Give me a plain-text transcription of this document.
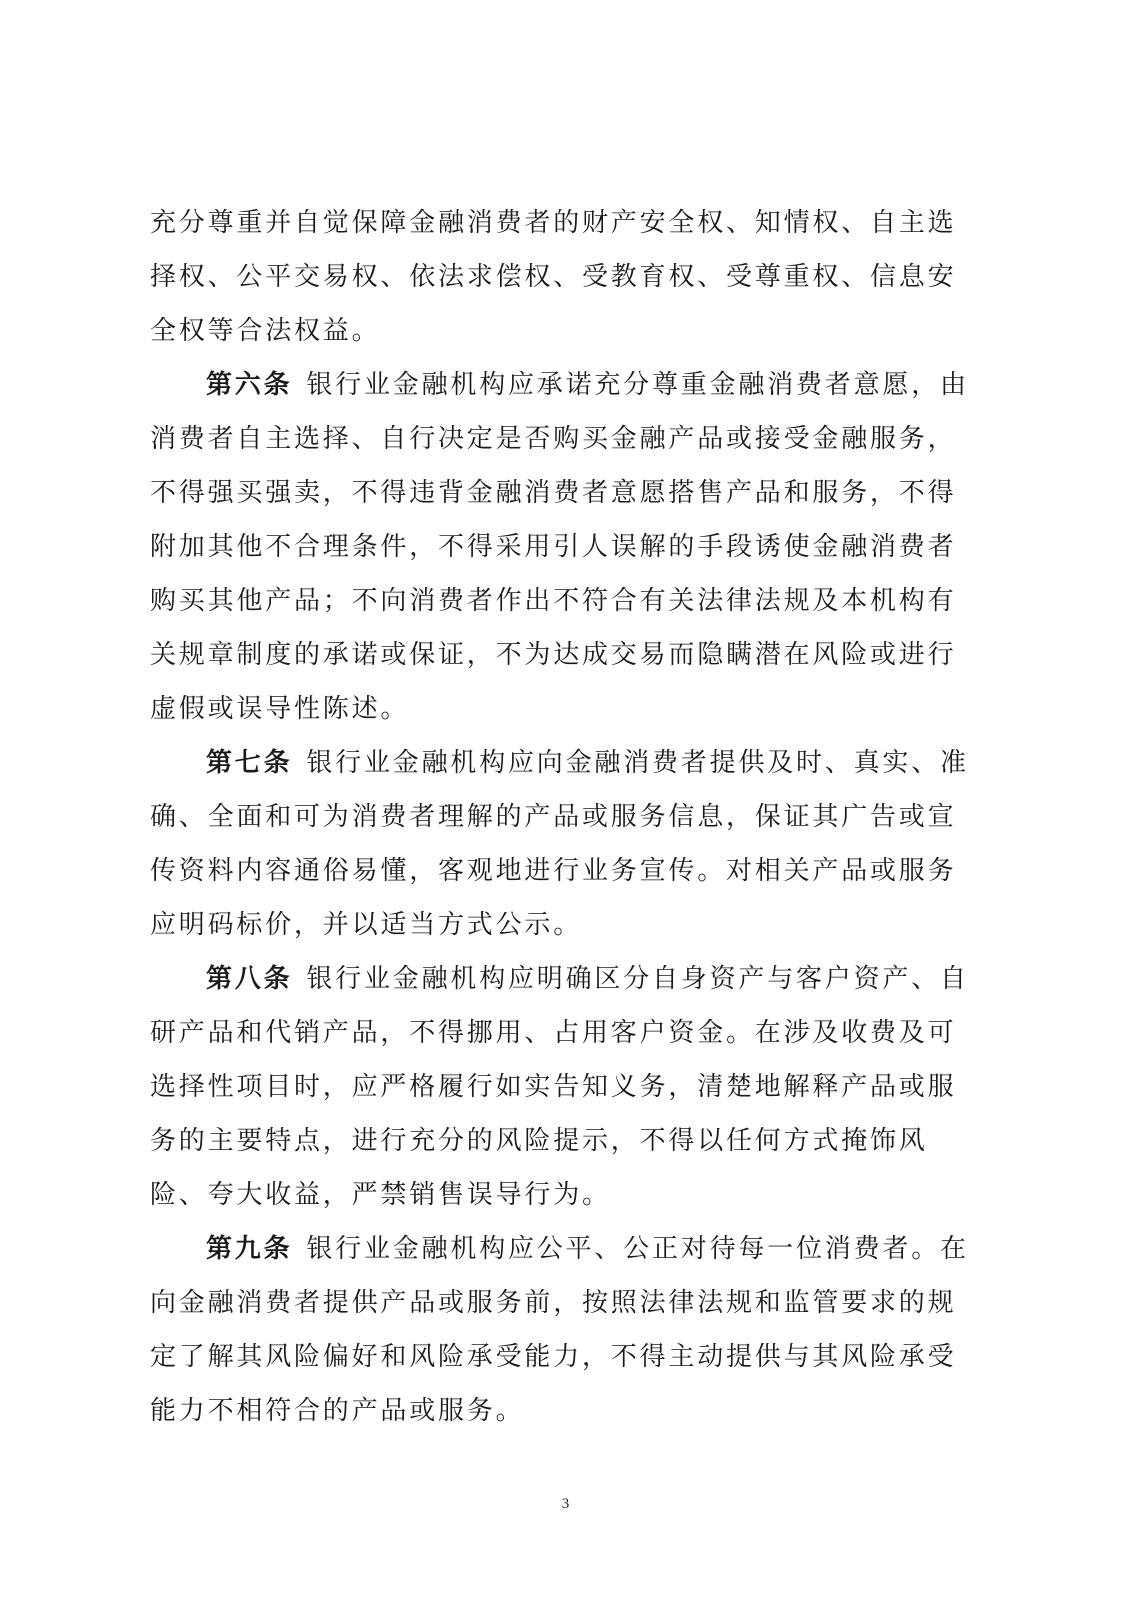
充分尊重并自觉保障金融消费者的财产安全权、知情权、自主选择权、公平交易权、依法求偿权、受教育权、受尊重权、信息安全权等合法权益。

第六条 银行业金融机构应承诺充分尊重金融消费者意愿，由消费者自主选择、自行决定是否购买金融产品或接受金融服务，不得强买强卖，不得违背金融消费者意愿搭售产品和服务，不得附加其他不合理条件，不得采用引人误解的手段诱使金融消费者购买其他产品；不向消费者作出不符合有关法律法规及本机构有关规章制度的承诺或保证，不为达成交易而隐瞒潜在风险或进行虚假或误导性陈述。

第七条 银行业金融机构应向金融消费者提供及时、真实、准确、全面和可为消费者理解的产品或服务信息，保证其广告或宣传资料内容通俗易懂，客观地进行业务宣传。对相关产品或服务应明码标价，并以适当方式公示。

第八条 银行业金融机构应明确区分自身资产与客户资产、自研产品和代销产品，不得挪用、占用客户资金。在涉及收费及可选择性项目时，应严格履行如实告知义务，清楚地解释产品或服务的主要特点，进行充分的风险提示，不得以任何方式掩饰风险、夸大收益，严禁销售误导行为。

第九条 银行业金融机构应公平、公正对待每一位消费者。在向金融消费者提供产品或服务前，按照法律法规和监管要求的规定了解其风险偏好和风险承受能力，不得主动提供与其风险承受能力不相符合的产品或服务。

3
